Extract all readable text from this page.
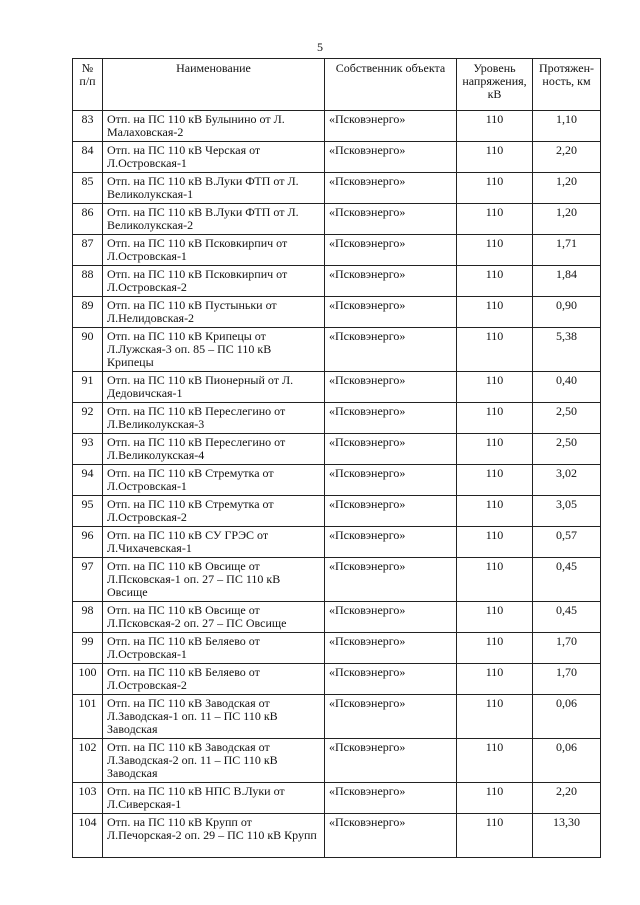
5
№ п/п	Наименование	Собственник объекта	Уровень напряжения, кВ	Протяжен-ность, км
83	Отп. на ПС 110 кВ Булынино от Л. Малаховская-2	«Псковэнерго»	110	1,10
84	Отп. на ПС 110 кВ Черская от Л.Островская-1	«Псковэнерго»	110	2,20
85	Отп. на ПС 110 кВ В.Луки ФТП от Л. Великолукская-1	«Псковэнерго»	110	1,20
86	Отп. на ПС 110 кВ В.Луки ФТП от Л. Великолукская-2	«Псковэнерго»	110	1,20
87	Отп. на ПС 110 кВ Псковкирпич от Л.Островская-1	«Псковэнерго»	110	1,71
88	Отп. на ПС 110 кВ Псковкирпич от Л.Островская-2	«Псковэнерго»	110	1,84
89	Отп. на ПС 110 кВ Пустыньки от Л.Нелидовская-2	«Псковэнерго»	110	0,90
90	Отп. на ПС 110 кВ Крипецы от Л.Лужская-3 оп. 85 – ПС 110 кВ Крипецы	«Псковэнерго»	110	5,38
91	Отп. на ПС 110 кВ Пионерный от Л. Дедовичская-1	«Псковэнерго»	110	0,40
92	Отп. на ПС 110 кВ Переслегино от Л.Великолукская-3	«Псковэнерго»	110	2,50
93	Отп. на ПС 110 кВ Переслегино от Л.Великолукская-4	«Псковэнерго»	110	2,50
94	Отп. на ПС 110 кВ Стремутка от Л.Островская-1	«Псковэнерго»	110	3,02
95	Отп. на ПС 110 кВ Стремутка от Л.Островская-2	«Псковэнерго»	110	3,05
96	Отп. на ПС 110 кВ СУ ГРЭС от Л.Чихачевская-1	«Псковэнерго»	110	0,57
97	Отп. на ПС 110 кВ Овсище от Л.Псковская-1 оп. 27 – ПС 110 кВ Овсище	«Псковэнерго»	110	0,45
98	Отп. на ПС 110 кВ Овсище от Л.Псковская-2 оп. 27 – ПС Овсище	«Псковэнерго»	110	0,45
99	Отп. на ПС 110 кВ Беляево от Л.Островская-1	«Псковэнерго»	110	1,70
100	Отп. на ПС 110 кВ Беляево от Л.Островская-2	«Псковэнерго»	110	1,70
101	Отп. на ПС 110 кВ Заводская от Л.Заводская-1 оп. 11 – ПС 110 кВ Заводская	«Псковэнерго»	110	0,06
102	Отп. на ПС 110 кВ Заводская от Л.Заводская-2 оп. 11 – ПС 110 кВ Заводская	«Псковэнерго»	110	0,06
103	Отп. на ПС 110 кВ НПС В.Луки от Л.Сиверская-1	«Псковэнерго»	110	2,20
104	Отп. на ПС 110 кВ Крупп от Л.Печорская-2 оп. 29 – ПС 110 кВ Крупп	«Псковэнерго»	110	13,30
